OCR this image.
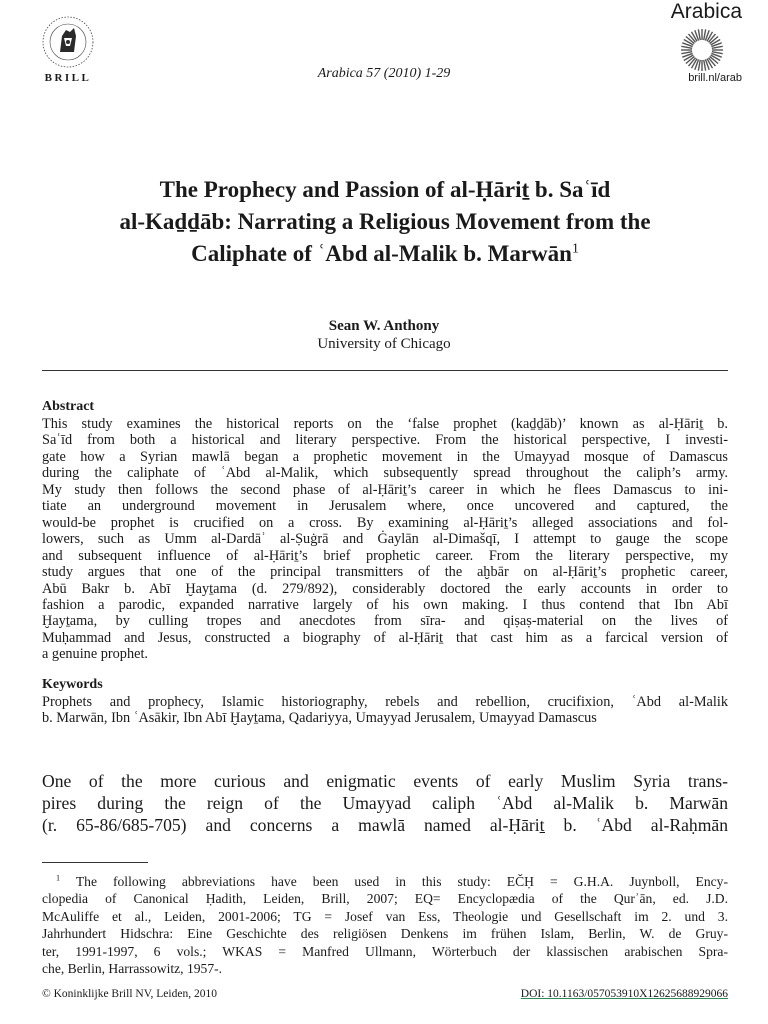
BRILL	Arabica 57 (2010) 1-29
Arabica
brill.nl/arab
The Prophecy and Passion of al-Ḥāriṯ b. Saʿīd
al-Kaḏḏāb: Narrating a Religious Movement from the
Caliphate of ʿAbd al-Malik b. Marwān$^1$
Sean W. Anthony
University of Chicago
Abstract
This study examines the historical reports on the ‘false prophet (kaḏḏāb)’ known as al-Ḥāriṯ b.
Saʿīd from both a historical and literary perspective. From the historical perspective, I investi-
gate how a Syrian mawlā began a prophetic movement in the Umayyad mosque of Damascus
during the caliphate of ʿAbd al-Malik, which subsequently spread throughout the caliph’s army.
My study then follows the second phase of al-Ḥāriṯ’s career in which he flees Damascus to ini-
tiate an underground movement in Jerusalem where, once uncovered and captured, the
would-be prophet is crucified on a cross. By examining al-Ḥāriṯ’s alleged associations and fol-
lowers, such as Umm al-Dardāʾ al-Ṣuġrā and Ġaylān al-Dimašqī, I attempt to gauge the scope
and subsequent influence of al-Ḥāriṯ’s brief prophetic career. From the literary perspective, my
study argues that one of the principal transmitters of the aḫbār on al-Ḥāriṯ’s prophetic career,
Abū Bakr b. Abī Ḫayṯama (d. 279/892), considerably doctored the early accounts in order to
fashion a parodic, expanded narrative largely of his own making. I thus contend that Ibn Abī
Ḫayṯama, by culling tropes and anecdotes from sīra- and qiṣaṣ-material on the lives of
Muḥammad and Jesus, constructed a biography of al-Ḥāriṯ that cast him as a farcical version of
a genuine prophet.
Keywords
Prophets and prophecy, Islamic historiography, rebels and rebellion, crucifixion, ʿAbd al-Malik
b. Marwān, Ibn ʿAsākir, Ibn Abī Ḫayṯama, Qadariyya, Umayyad Jerusalem, Umayyad Damascus
One of the more curious and enigmatic events of early Muslim Syria trans-
pires during the reign of the Umayyad caliph ʿAbd al-Malik b. Marwān
(r. 65-86/685-705) and concerns a mawlā named al-Ḥāriṯ b. ʿAbd al-Raḥmān
$^1$ The following abbreviations have been used in this study: EČḤ = G.H.A. Juynboll, Ency-
clopedia of Canonical Ḥadith, Leiden, Brill, 2007; EQ= Encyclopædia of the Qurʾān, ed. J.D.
McAuliffe et al., Leiden, 2001-2006; TG = Josef van Ess, Theologie und Gesellschaft im 2. und 3.
Jahrhundert Hidschra: Eine Geschichte des religiösen Denkens im frühen Islam, Berlin, W. de Gruy-
ter, 1991-1997, 6 vols.; WKAS = Manfred Ullmann, Wörterbuch der klassischen arabischen Spra-
che, Berlin, Harrassowitz, 1957-.
© Koninklijke Brill NV, Leiden, 2010	DOI: 10.1163/057053910X12625688929066
